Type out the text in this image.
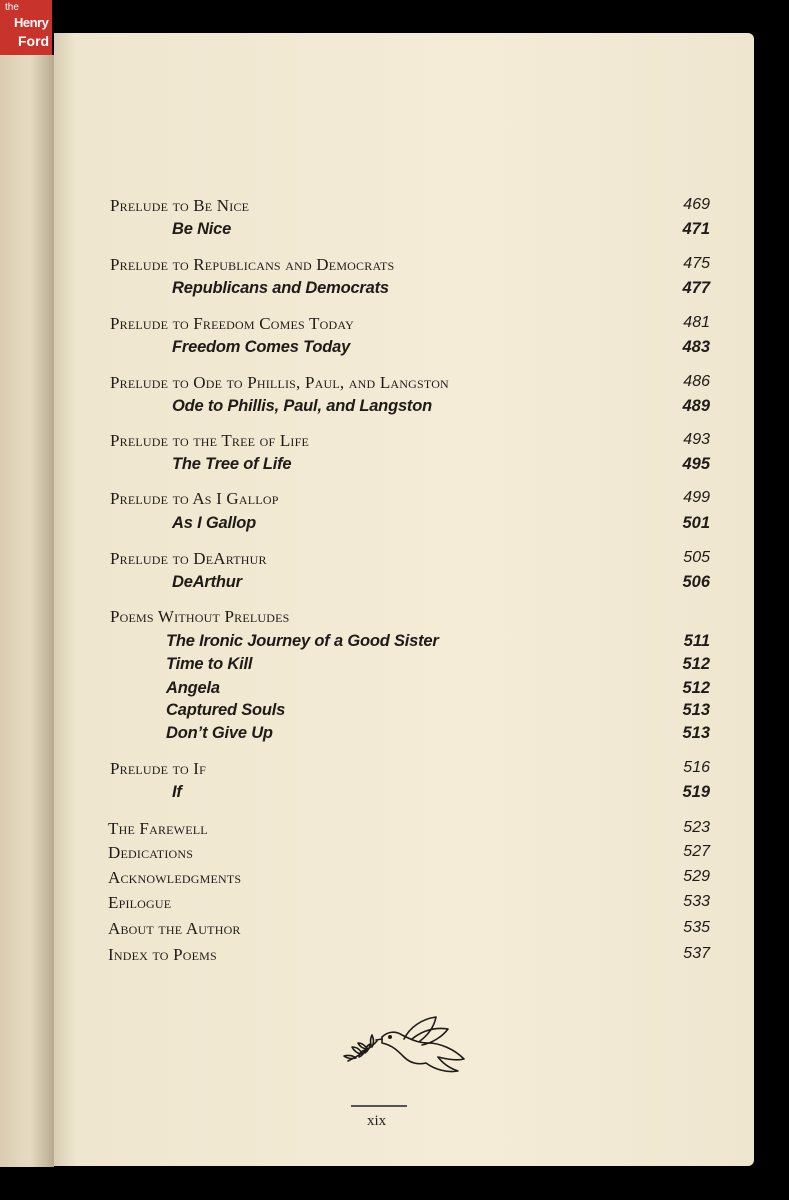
the
Henry
Ford
Prelude to Be Nice	469
Be Nice	471
Prelude to Republicans and Democrats	475
Republicans and Democrats	477
Prelude to Freedom Comes Today	481
Freedom Comes Today	483
Prelude to Ode to Phillis, Paul, and Langston	486
Ode to Phillis, Paul, and Langston	489
Prelude to the Tree of Life	493
The Tree of Life	495
Prelude to As I Gallop	499
As I Gallop	501
Prelude to DeArthur	505
DeArthur	506
Poems Without Preludes
The Ironic Journey of a Good Sister	511
Time to Kill	512
Angela	512
Captured Souls	513
Don’t Give Up	513
Prelude to If	516
If	519
The Farewell	523
Dedications	527
Acknowledgments	529
Epilogue	533
About the Author	535
Index to Poems	537
xix
